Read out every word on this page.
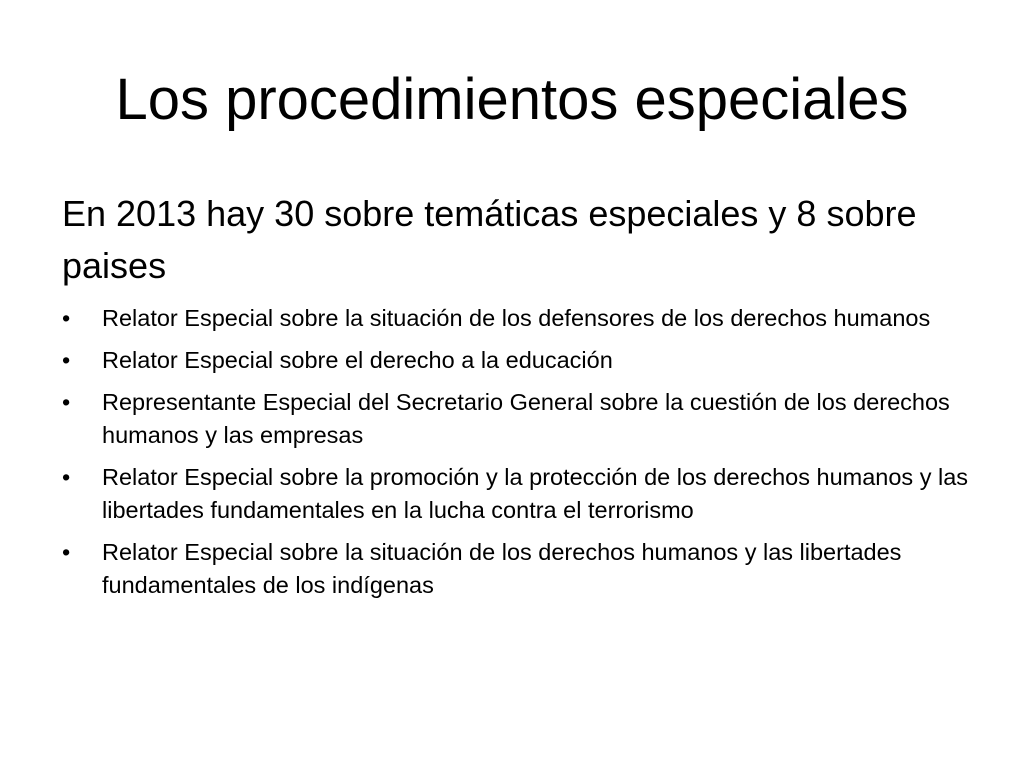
Los procedimientos especiales

En 2013 hay 30 sobre temáticas especiales y 8 sobre paises

•	Relator Especial sobre la situación de los defensores de los derechos humanos
•	Relator Especial sobre el derecho a la educación
•	Representante Especial del Secretario General sobre la cuestión de los derechos humanos y las empresas
•	Relator Especial sobre la promoción y la protección de los derechos humanos y las libertades fundamentales en la lucha contra el terrorismo
•	Relator Especial sobre la situación de los derechos humanos y las libertades fundamentales de los indígenas
